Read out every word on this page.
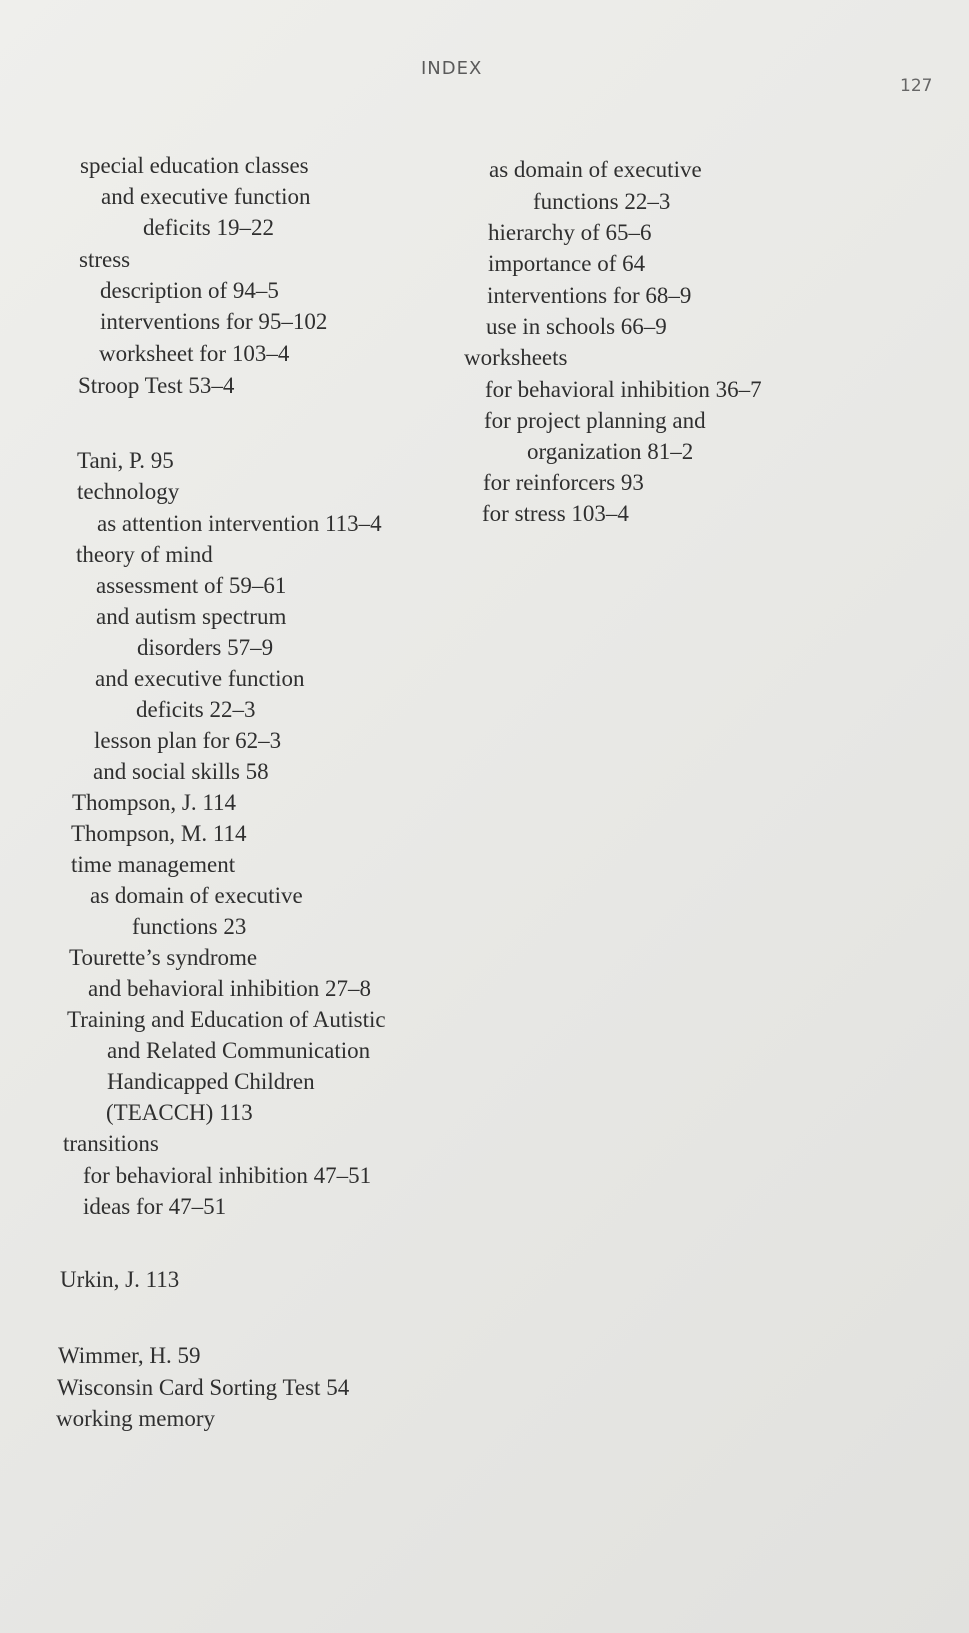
INDEX
127
special education classes
and executive function
deficits 19–22
stress
description of 94–5
interventions for 95–102
worksheet for 103–4
Stroop Test 53–4
Tani, P. 95
technology
as attention intervention 113–4
theory of mind
assessment of 59–61
and autism spectrum
disorders 57–9
and executive function
deficits 22–3
lesson plan for 62–3
and social skills 58
Thompson, J. 114
Thompson, M. 114
time management
as domain of executive
functions 23
Tourette’s syndrome
and behavioral inhibition 27–8
Training and Education of Autistic
and Related Communication
Handicapped Children
(TEACCH) 113
transitions
for behavioral inhibition 47–51
ideas for 47–51
Urkin, J. 113
Wimmer, H. 59
Wisconsin Card Sorting Test 54
working memory
as domain of executive
functions 22–3
hierarchy of 65–6
importance of 64
interventions for 68–9
use in schools 66–9
worksheets
for behavioral inhibition 36–7
for project planning and
organization 81–2
for reinforcers 93
for stress 103–4
